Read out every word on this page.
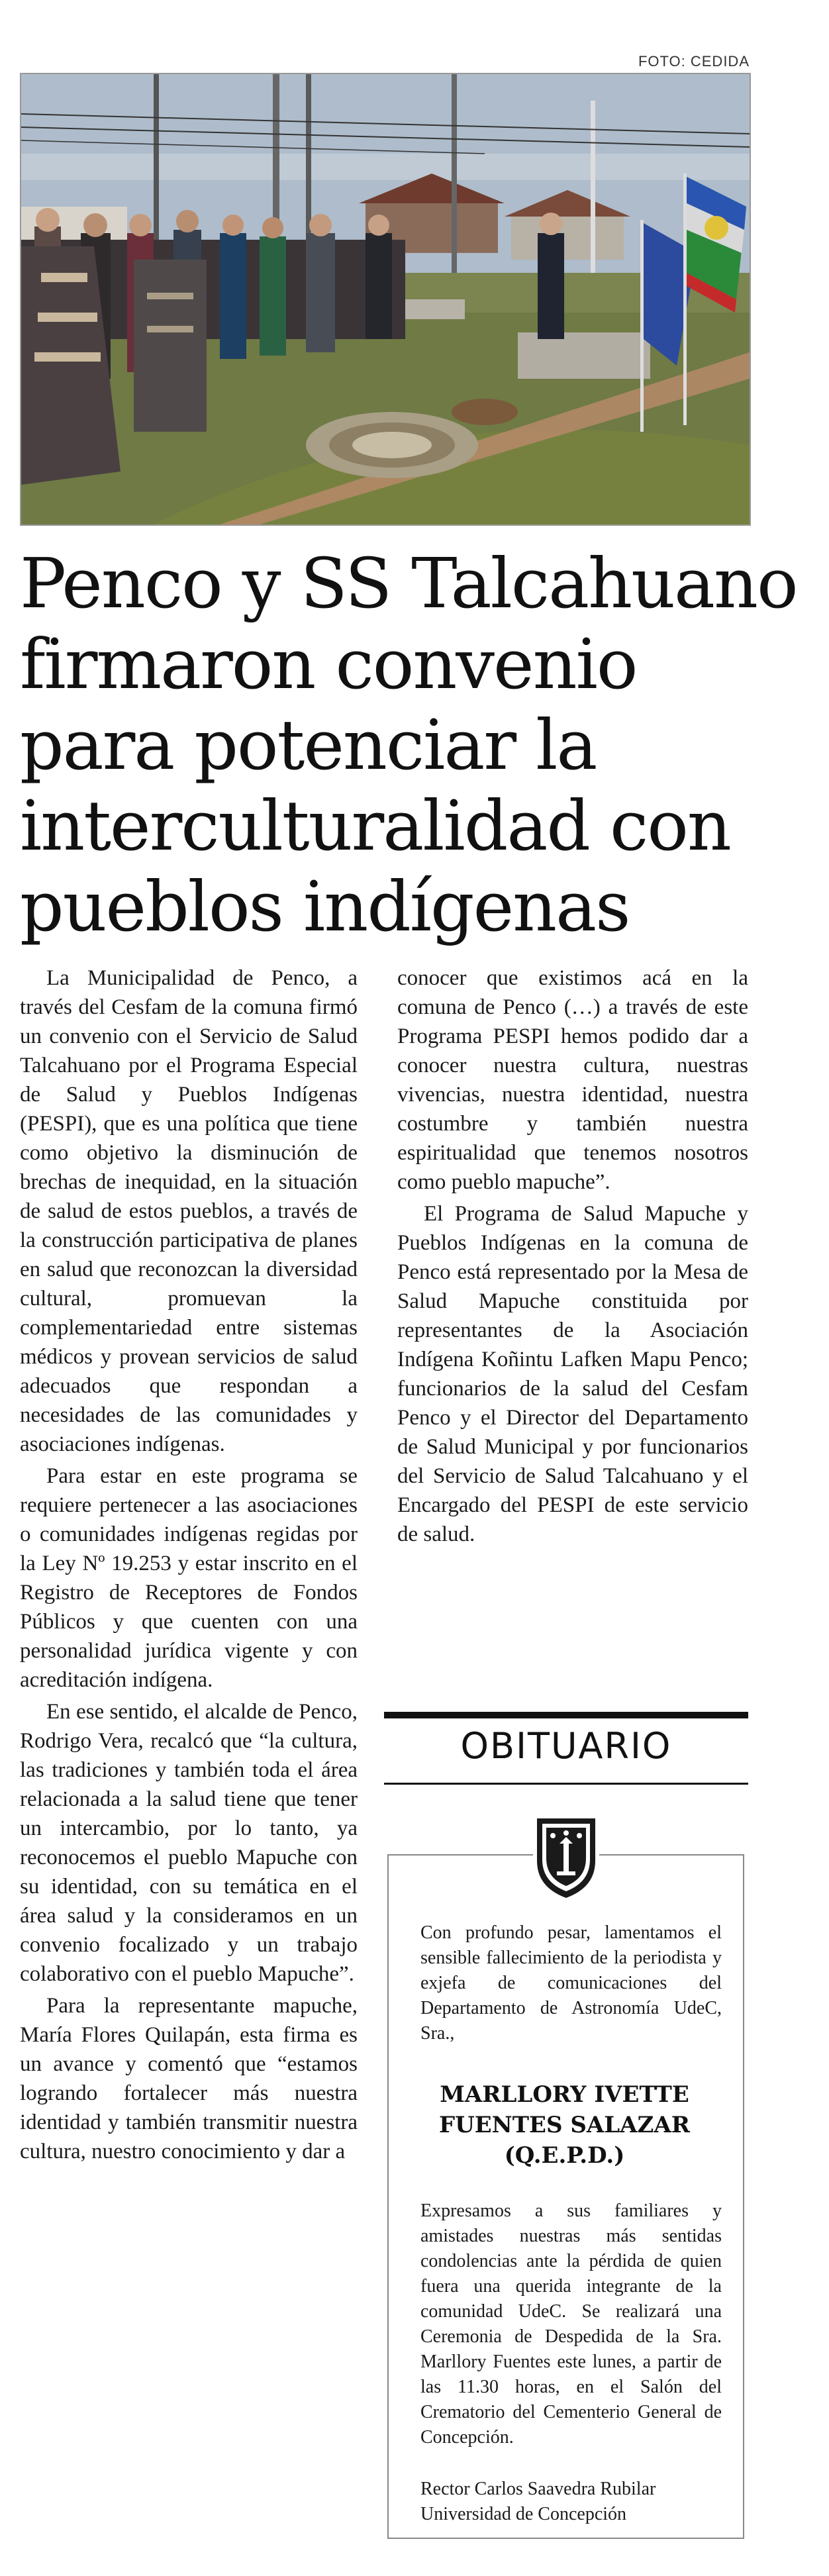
FOTO: CEDIDA
Penco y SS Talcahuano firmaron convenio para potenciar la interculturalidad con pueblos indígenas

La Municipalidad de Penco, a través del Cesfam de la comuna firmó un convenio con el Servicio de Salud Talcahuano por el Programa Especial de Salud y Pueblos Indígenas (PESPI), que es una política que tiene como objetivo la disminución de brechas de inequidad, en la situación de salud de estos pueblos, a través de la construcción participativa de planes en salud que reconozcan la diversidad cultural, promuevan la complementariedad entre sistemas médicos y provean servicios de salud adecuados que respondan a necesidades de las comunidades y asociaciones indígenas.

Para estar en este programa se requiere pertenecer a las asociaciones o comunidades indígenas regidas por la Ley Nº 19.253 y estar inscrito en el Registro de Receptores de Fondos Públicos y que cuenten con una personalidad jurídica vigente y con acreditación indígena.

En ese sentido, el alcalde de Penco, Rodrigo Vera, recalcó que “la cultura, las tradiciones y también toda el área relacionada a la salud tiene que tener un intercambio, por lo tanto, ya reconocemos el pueblo Mapuche con su identidad, con su temática en el área salud y la consideramos en un convenio focalizado y un trabajo colaborativo con el pueblo Mapuche”.

Para la representante mapuche, María Flores Quilapán, esta firma es un avance y comentó que “estamos logrando fortalecer más nuestra identidad y también transmitir nuestra cultura, nuestro conocimiento y dar a

conocer que existimos acá en la comuna de Penco (…) a través de este Programa PESPI hemos podido dar a conocer nuestra cultura, nuestras vivencias, nuestra identidad, nuestra costumbre y también nuestra espiritualidad que tenemos nosotros como pueblo mapuche”.

El Programa de Salud Mapuche y Pueblos Indígenas en la comuna de Penco está representado por la Mesa de Salud Mapuche constituida por representantes de la Asociación Indígena Koñintu Lafken Mapu Penco; funcionarios de la salud del Cesfam Penco y el Director del Departamento de Salud Municipal y por funcionarios del Servicio de Salud Talcahuano y el Encargado del PESPI de este servicio de salud.

OBITUARIO

Con profundo pesar, lamentamos el sensible fallecimiento de la periodista y exjefa de comunicaciones del Departamento de Astronomía UdeC, Sra.,

MARLLORY IVETTE
FUENTES SALAZAR
(Q.E.P.D.)

Expresamos a sus familiares y amistades nuestras más sentidas condolencias ante la pérdida de quien fuera una querida integrante de la comunidad UdeC. Se realizará una Ceremonia de Despedida de la Sra. Marllory Fuentes este lunes, a partir de las 11.30 horas, en el Salón del Crematorio del Cementerio General de Concepción.

Rector Carlos Saavedra Rubilar
Universidad de Concepción
